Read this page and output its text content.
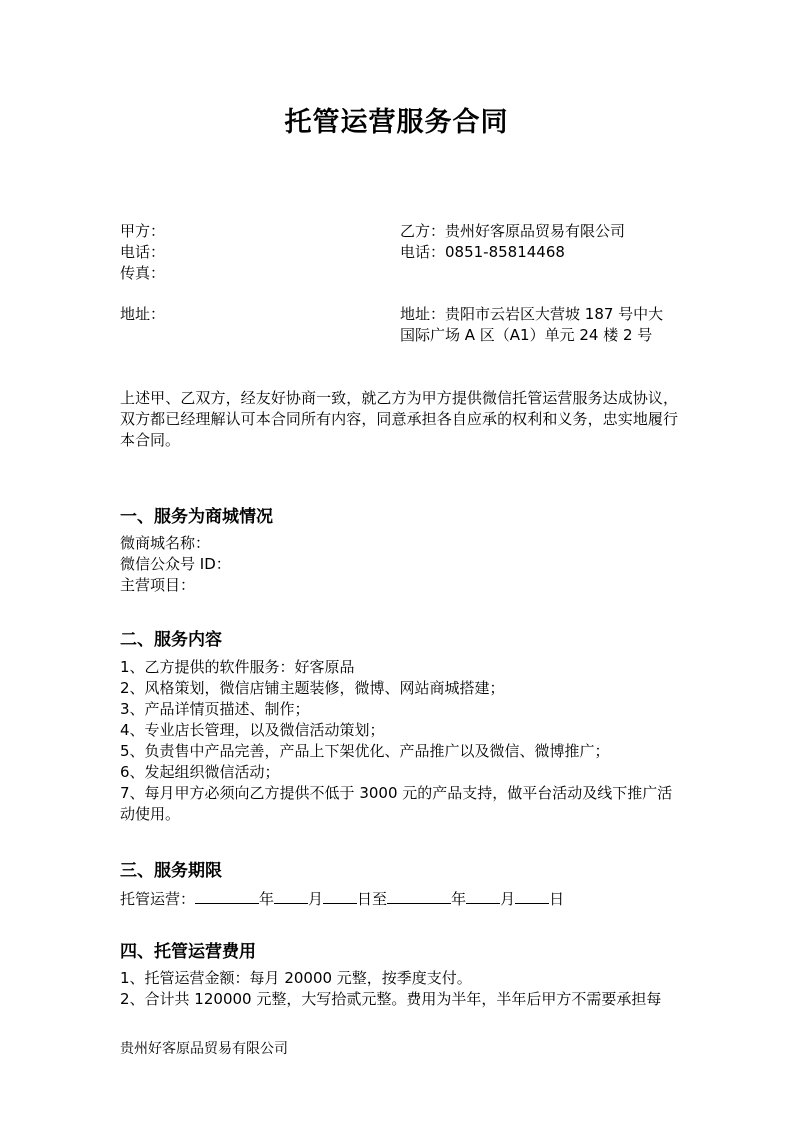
托管运营服务合同
甲方：	乙方：贵州好客原品贸易有限公司
电话：	电话：0851-85814468
传真：
地址：	地址：贵阳市云岩区大营坡 187 号中大
国际广场 A 区（A1）单元 24 楼 2 号
上述甲、乙双方，经友好协商一致，就乙方为甲方提供微信托管运营服务达成协议，双方都已经理解认可本合同所有内容，同意承担各自应承的权利和义务，忠实地履行本合同。
一、服务为商城情况
微商城名称：
微信公众号 ID：
主营项目：
二、服务内容
1、乙方提供的软件服务：好客原品
2、风格策划，微信店铺主题装修，微博、网站商城搭建；
3、产品详情页描述、制作；
4、专业店长管理，以及微信活动策划；
5、负责售中产品完善，产品上下架优化、产品推广以及微信、微博推广；
6、发起组织微信活动；
7、每月甲方必须向乙方提供不低于 3000 元的产品支持，做平台活动及线下推广活动使用。
三、服务期限
托管运营：	年 月 日至	年 月 日
四、托管运营费用
1、托管运营金额：每月 20000 元整，按季度支付。
2、合计共 120000 元整，大写拾贰元整。费用为半年，半年后甲方不需要承担每
贵州好客原品贸易有限公司
